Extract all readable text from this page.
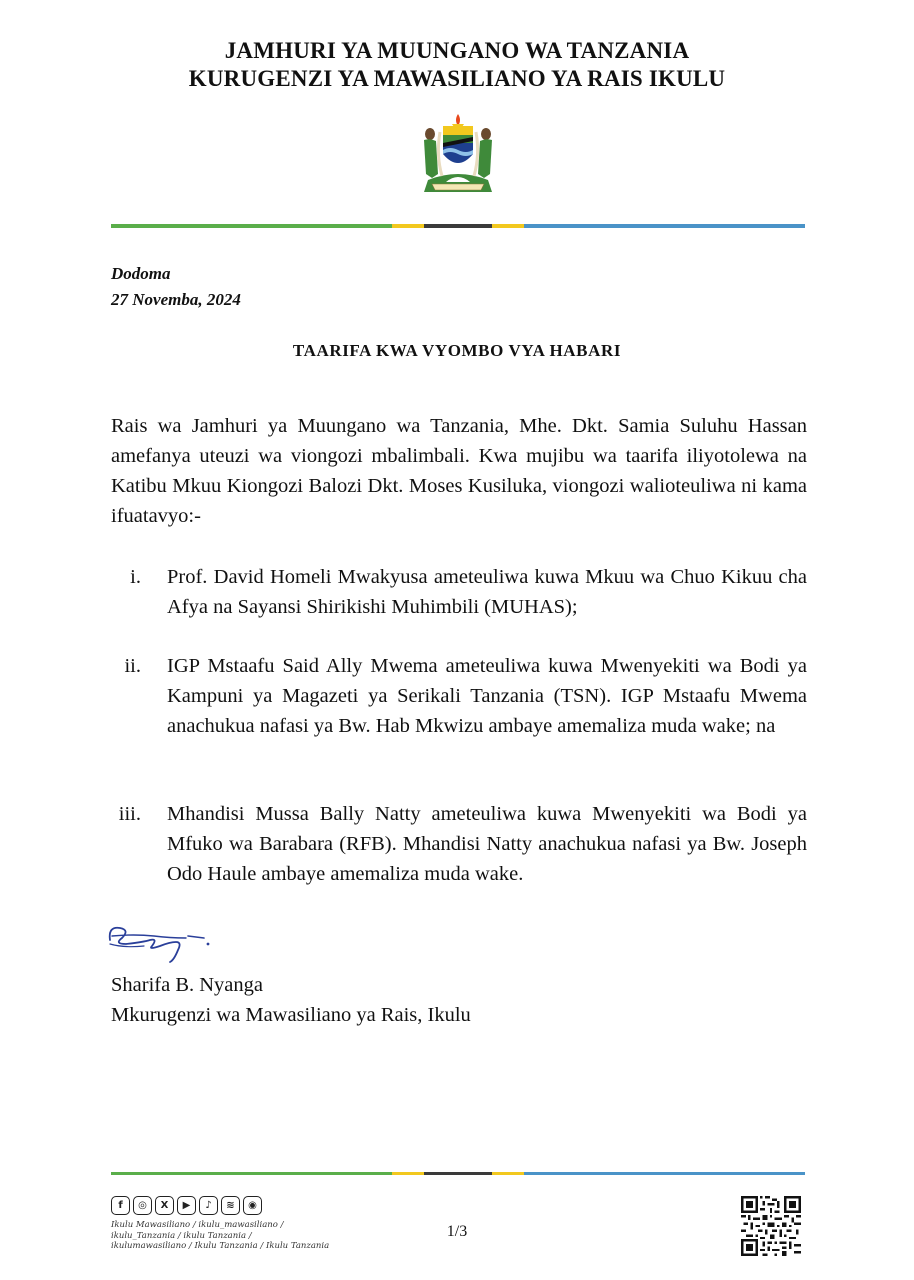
JAMHURI YA MUUNGANO WA TANZANIA
KURUGENZI YA MAWASILIANO YA RAIS IKULU
Dodoma
27 Novemba, 2024
TAARIFA KWA VYOMBO VYA HABARI
Rais wa Jamhuri ya Muungano wa Tanzania, Mhe. Dkt. Samia Suluhu Hassan amefanya uteuzi wa viongozi mbalimbali. Kwa mujibu wa taarifa iliyotolewa na Katibu Mkuu Kiongozi Balozi Dkt. Moses Kusiluka, viongozi walioteuliwa ni kama ifuatavyo:-
i. Prof. David Homeli Mwakyusa ameteuliwa kuwa Mkuu wa Chuo Kikuu cha Afya na Sayansi Shirikishi Muhimbili (MUHAS);
ii. IGP Mstaafu Said Ally Mwema ameteuliwa kuwa Mwenyekiti wa Bodi ya Kampuni ya Magazeti ya Serikali Tanzania (TSN). IGP Mstaafu Mwema anachukua nafasi ya Bw. Hab Mkwizu ambaye amemaliza muda wake; na
iii. Mhandisi Mussa Bally Natty ameteuliwa kuwa Mwenyekiti wa Bodi ya Mfuko wa Barabara (RFB). Mhandisi Natty anachukua nafasi ya Bw. Joseph Odo Haule ambaye amemaliza muda wake.
Sharifa B. Nyanga
Mkurugenzi wa Mawasiliano ya Rais, Ikulu
f	◎	X	▶	♪	≋	◉
Ikulu Mawasiliano / ikulu_mawasiliano /
ikulu_Tanzania / ikulu Tanzania /
ikulumawasiliano / Ikulu Tanzania / Ikulu Tanzania
1/3
